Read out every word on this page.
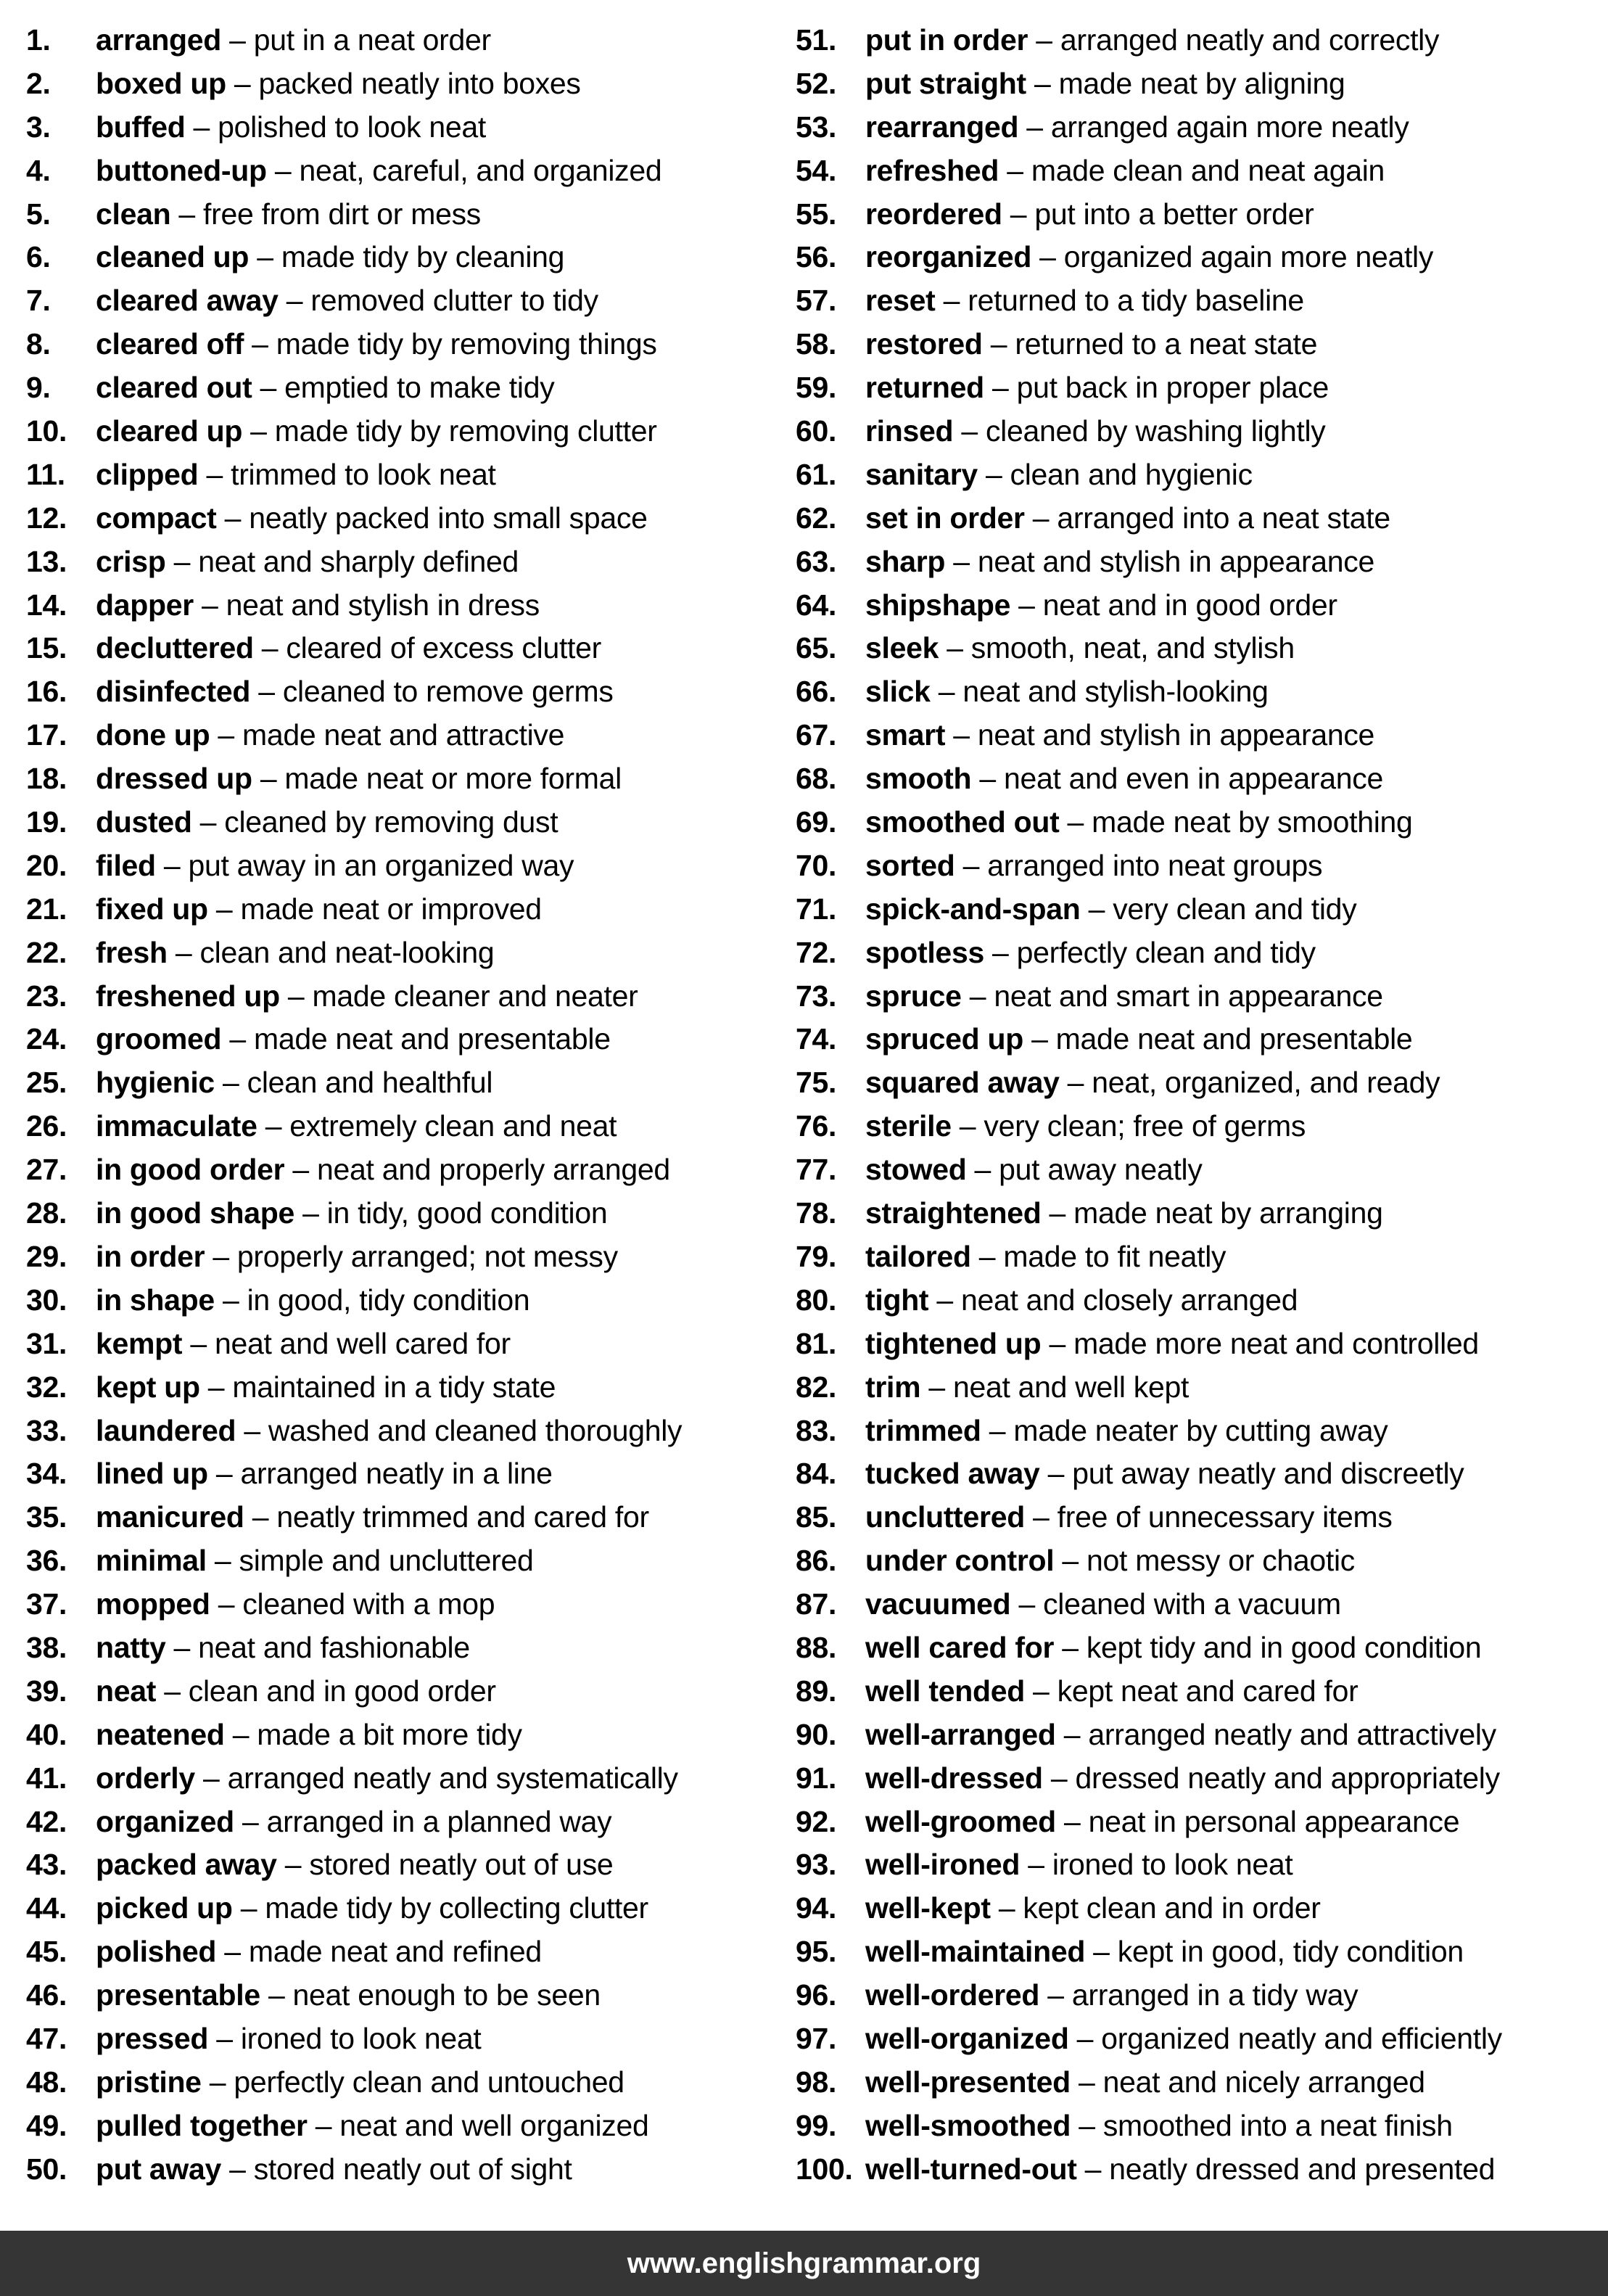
1.	arranged – put in a neat order
2.	boxed up – packed neatly into boxes
3.	buffed – polished to look neat
4.	buttoned-up – neat, careful, and organized
5.	clean – free from dirt or mess
6.	cleaned up – made tidy by cleaning
7.	cleared away – removed clutter to tidy
8.	cleared off – made tidy by removing things
9.	cleared out – emptied to make tidy
10. cleared up – made tidy by removing clutter
11.	clipped – trimmed to look neat
12. compact – neatly packed into small space
13. crisp – neat and sharply defined
14. dapper – neat and stylish in dress
15. decluttered – cleared of excess clutter
16. disinfected – cleaned to remove germs
17. done up – made neat and attractive
18. dressed up – made neat or more formal
19. dusted – cleaned by removing dust
20. filed – put away in an organized way
21. fixed up – made neat or improved
22. fresh – clean and neat-looking
23. freshened up – made cleaner and neater
24. groomed – made neat and presentable
25. hygienic – clean and healthful
26. immaculate – extremely clean and neat
27. in good order – neat and properly arranged
28. in good shape – in tidy, good condition
29. in order – properly arranged; not messy
30. in shape – in good, tidy condition
31. kempt – neat and well cared for
32. kept up – maintained in a tidy state
33. laundered – washed and cleaned thoroughly
34. lined up – arranged neatly in a line
35. manicured – neatly trimmed and cared for
36. minimal – simple and uncluttered
37. mopped – cleaned with a mop
38. natty – neat and fashionable
39. neat – clean and in good order
40. neatened – made a bit more tidy
41. orderly – arranged neatly and systematically
42. organized – arranged in a planned way
43. packed away – stored neatly out of use
44. picked up – made tidy by collecting clutter
45. polished – made neat and refined
46. presentable – neat enough to be seen
47. pressed – ironed to look neat
48. pristine – perfectly clean and untouched
49. pulled together – neat and well organized
50. put away – stored neatly out of sight
51. put in order – arranged neatly and correctly
52. put straight – made neat by aligning
53. rearranged – arranged again more neatly
54. refreshed – made clean and neat again
55. reordered – put into a better order
56. reorganized – organized again more neatly
57. reset – returned to a tidy baseline
58. restored – returned to a neat state
59. returned – put back in proper place
60. rinsed – cleaned by washing lightly
61. sanitary – clean and hygienic
62. set in order – arranged into a neat state
63. sharp – neat and stylish in appearance
64. shipshape – neat and in good order
65. sleek – smooth, neat, and stylish
66. slick – neat and stylish-looking
67. smart – neat and stylish in appearance
68. smooth – neat and even in appearance
69. smoothed out – made neat by smoothing
70. sorted – arranged into neat groups
71. spick-and-span – very clean and tidy
72. spotless – perfectly clean and tidy
73. spruce – neat and smart in appearance
74. spruced up – made neat and presentable
75. squared away – neat, organized, and ready
76. sterile – very clean; free of germs
77. stowed – put away neatly
78. straightened – made neat by arranging
79. tailored – made to fit neatly
80. tight – neat and closely arranged
81. tightened up – made more neat and controlled
82. trim – neat and well kept
83. trimmed – made neater by cutting away
84. tucked away – put away neatly and discreetly
85. uncluttered – free of unnecessary items
86. under control – not messy or chaotic
87. vacuumed – cleaned with a vacuum
88. well cared for – kept tidy and in good condition
89. well tended – kept neat and cared for
90. well-arranged – arranged neatly and attractively
91. well-dressed – dressed neatly and appropriately
92. well-groomed – neat in personal appearance
93. well-ironed – ironed to look neat
94. well-kept – kept clean and in order
95. well-maintained – kept in good, tidy condition
96. well-ordered – arranged in a tidy way
97. well-organized – organized neatly and efficiently
98. well-presented – neat and nicely arranged
99. well-smoothed – smoothed into a neat finish
100. well-turned-out – neatly dressed and presented
www.englishgrammar.org
